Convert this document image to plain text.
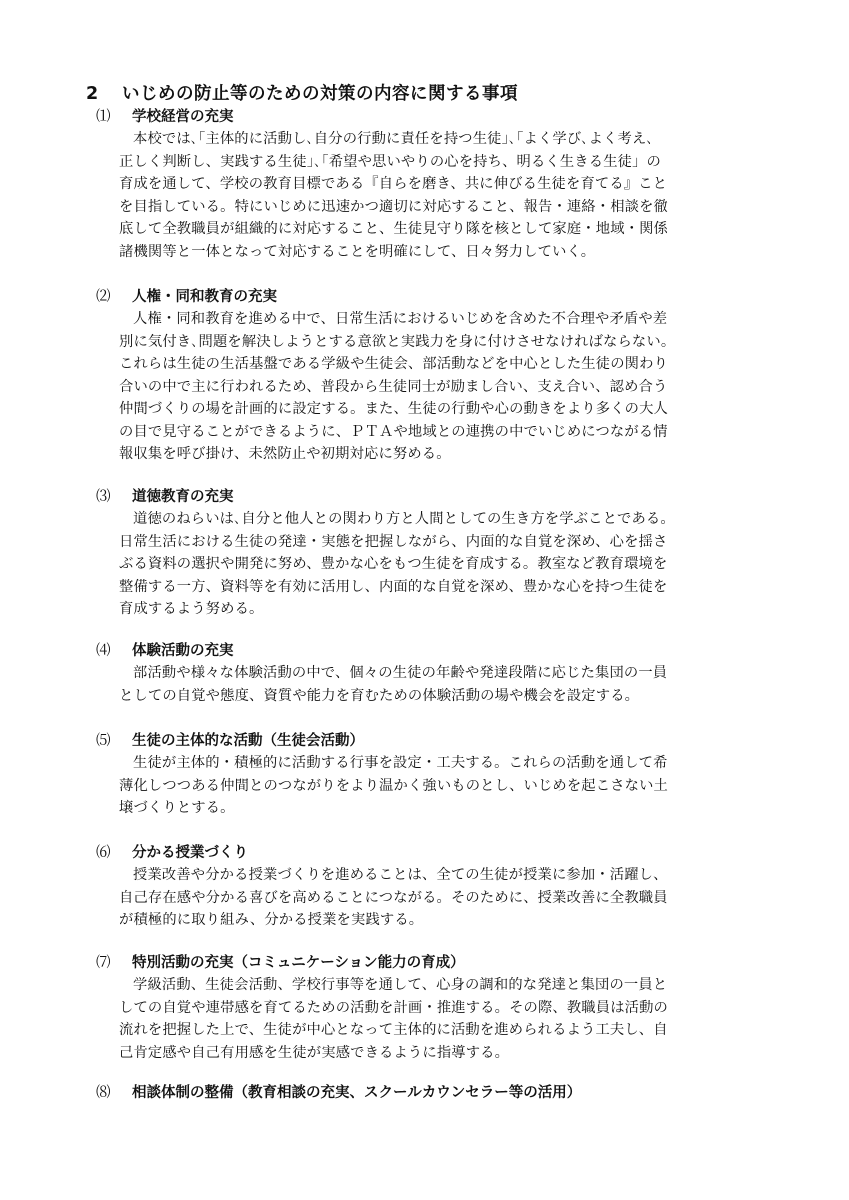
2 いじめの防止等のための対策の内容に関する事項
⑴ 学校経営の充実
本校では､｢主体的に活動し､自分の行動に責任を持つ生徒｣､｢よく学び､よく考え､
正しく判断し、実践する生徒｣､｢希望や思いやりの心を持ち、明るく生きる生徒」の
育成を通して、学校の教育目標である『自らを磨き、共に伸びる生徒を育てる』こと
を目指している。特にいじめに迅速かつ適切に対応すること、報告・連絡・相談を徹
底して全教職員が組織的に対応すること、生徒見守り隊を核として家庭・地域・関係
諸機関等と一体となって対応することを明確にして、日々努力していく。
⑵ 人権・同和教育の充実
人権・同和教育を進める中で、日常生活におけるいじめを含めた不合理や矛盾や差
別に気付き､問題を解決しようとする意欲と実践力を身に付けさせなければならない｡
これらは生徒の生活基盤である学級や生徒会、部活動などを中心とした生徒の関わり
合いの中で主に行われるため、普段から生徒同士が励まし合い、支え合い、認め合う
仲間づくりの場を計画的に設定する。また、生徒の行動や心の動きをより多くの大人
の目で見守ることができるように、ＰＴＡや地域との連携の中でいじめにつながる情
報収集を呼び掛け、未然防止や初期対応に努める。
⑶ 道徳教育の充実
道徳のねらいは､自分と他人との関わり方と人間としての生き方を学ぶことである｡
日常生活における生徒の発達・実態を把握しながら、内面的な自覚を深め、心を揺さ
ぶる資料の選択や開発に努め、豊かな心をもつ生徒を育成する。教室など教育環境を
整備する一方、資料等を有効に活用し、内面的な自覚を深め、豊かな心を持つ生徒を
育成するよう努める。
⑷ 体験活動の充実
部活動や様々な体験活動の中で、個々の生徒の年齢や発達段階に応じた集団の一員
としての自覚や態度、資質や能力を育むための体験活動の場や機会を設定する。
⑸ 生徒の主体的な活動（生徒会活動）
生徒が主体的・積極的に活動する行事を設定・工夫する。これらの活動を通して希
薄化しつつある仲間とのつながりをより温かく強いものとし、いじめを起こさない土
壌づくりとする。
⑹ 分かる授業づくり
授業改善や分かる授業づくりを進めることは、全ての生徒が授業に参加・活躍し、
自己存在感や分かる喜びを高めることにつながる。そのために、授業改善に全教職員
が積極的に取り組み、分かる授業を実践する。
⑺ 特別活動の充実（コミュニケーション能力の育成）
学級活動、生徒会活動、学校行事等を通して、心身の調和的な発達と集団の一員と
しての自覚や連帯感を育てるための活動を計画・推進する。その際、教職員は活動の
流れを把握した上で、生徒が中心となって主体的に活動を進められるよう工夫し、自
己肯定感や自己有用感を生徒が実感できるように指導する。
⑻ 相談体制の整備（教育相談の充実、スクールカウンセラー等の活用）
